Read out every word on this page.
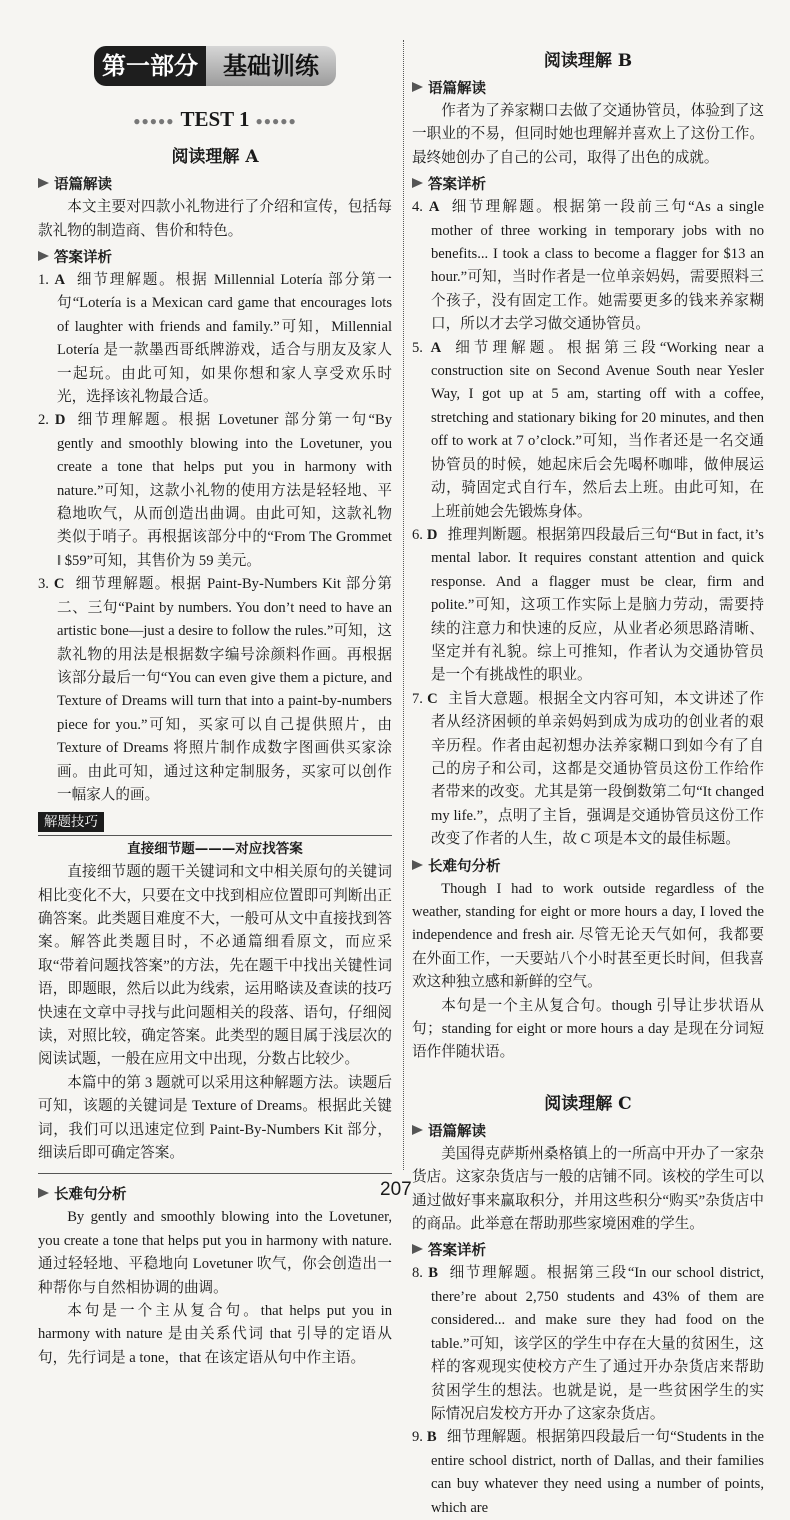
第一部分	基础训练
●●●●● TEST 1 ●●●●●
阅读理解 A
语篇解读

本文主要对四款小礼物进行了介绍和宣传，包括每款礼物的制造商、售价和特色。

答案详析
1. A 细节理解题。根据 Millennial Lotería 部分第一句“Lotería is a Mexican card game that encourages lots of laughter with friends and family.”可知，Millennial Lotería 是一款墨西哥纸牌游戏，适合与朋友及家人一起玩。由此可知，如果你想和家人享受欢乐时光，选择该礼物最合适。
2. D 细节理解题。根据 Lovetuner 部分第一句“By gently and smoothly blowing into the Lovetuner, you create a tone that helps put you in harmony with nature.”可知，这款小礼物的使用方法是轻轻地、平稳地吹气，从而创造出曲调。由此可知，这款礼物类似于哨子。再根据该部分中的“From The Grommet ‖ $59”可知，其售价为 59 美元。
3. C 细节理解题。根据 Paint-By-Numbers Kit 部分第二、三句“Paint by numbers. You don’t need to have an artistic bone—just a desire to follow the rules.”可知，这款礼物的用法是根据数字编号涂颜料作画。再根据该部分最后一句“You can even give them a picture, and Texture of Dreams will turn that into a paint-by-numbers piece for you.”可知，买家可以自己提供照片，由 Texture of Dreams 将照片制作成数字图画供买家涂画。由此可知，通过这种定制服务，买家可以创作一幅家人的画。
解题技巧
直接细节题———对应找答案

直接细节题的题干关键词和文中相关原句的关键词相比变化不大，只要在文中找到相应位置即可判断出正确答案。此类题目难度不大，一般可从文中直接找到答案。解答此类题目时，不必通篇细看原文，而应采取“带着问题找答案”的方法，先在题干中找出关键性词语，即题眼，然后以此为线索，运用略读及查读的技巧快速在文章中寻找与此问题相关的段落、语句，仔细阅读，对照比较，确定答案。此类型的题目属于浅层次的阅读试题，一般在应用文中出现，分数占比较少。

本篇中的第 3 题就可以采用这种解题方法。读题后可知，该题的关键词是 Texture of Dreams。根据此关键词，我们可以迅速定位到 Paint-By-Numbers Kit 部分，细读后即可确定答案。

长难句分析

By gently and smoothly blowing into the Lovetuner, you create a tone that helps put you in harmony with nature. 通过轻轻地、平稳地向 Lovetuner 吹气，你会创造出一种帮你与自然相协调的曲调。

本句是一个主从复合句。that helps put you in harmony with nature 是由关系代词 that 引导的定语从句，先行词是 a tone，that 在该定语从句中作主语。

阅读理解 B
语篇解读

作者为了养家糊口去做了交通协管员，体验到了这一职业的不易，但同时她也理解并喜欢上了这份工作。最终她创办了自己的公司，取得了出色的成就。

答案详析
4. A 细节理解题。根据第一段前三句“As a single mother of three working in temporary jobs with no benefits... I took a class to become a flagger for $13 an hour.”可知，当时作者是一位单亲妈妈，需要照料三个孩子，没有固定工作。她需要更多的钱来养家糊口，所以才去学习做交通协管员。
5. A 细节理解题。根据第三段“Working near a construction site on Second Avenue South near Yesler Way, I got up at 5 am, starting off with a coffee, stretching and stationary biking for 20 minutes, and then off to work at 7 o’clock.”可知，当作者还是一名交通协管员的时候，她起床后会先喝杯咖啡，做伸展运动，骑固定式自行车，然后去上班。由此可知，在上班前她会先锻炼身体。
6. D 推理判断题。根据第四段最后三句“But in fact, it’s mental labor. It requires constant attention and quick response. And a flagger must be clear, firm and polite.”可知，这项工作实际上是脑力劳动，需要持续的注意力和快速的反应，从业者必须思路清晰、坚定并有礼貌。综上可推知，作者认为交通协管员是一个有挑战性的职业。
7. C 主旨大意题。根据全文内容可知，本文讲述了作者从经济困顿的单亲妈妈到成为成功的创业者的艰辛历程。作者由起初想办法养家糊口到如今有了自己的房子和公司，这都是交通协管员这份工作给作者带来的改变。尤其是第一段倒数第二句“It changed my life.”，点明了主旨，强调是交通协管员这份工作改变了作者的人生，故 C 项是本文的最佳标题。
长难句分析

Though I had to work outside regardless of the weather, standing for eight or more hours a day, I loved the independence and fresh air. 尽管无论天气如何，我都要在外面工作，一天要站八个小时甚至更长时间，但我喜欢这种独立感和新鲜的空气。

本句是一个主从复合句。though 引导让步状语从句；standing for eight or more hours a day 是现在分词短语作伴随状语。

阅读理解 C
语篇解读

美国得克萨斯州桑格镇上的一所高中开办了一家杂货店。这家杂货店与一般的店铺不同。该校的学生可以通过做好事来赢取积分，并用这些积分“购买”杂货店中的商品。此举意在帮助那些家境困难的学生。

答案详析
8. B 细节理解题。根据第三段“In our school district, there’re about 2,750 students and 43% of them are considered... and make sure they had food on the table.”可知，该学区的学生中存在大量的贫困生，这样的客观现实使校方产生了通过开办杂货店来帮助贫困学生的想法。也就是说，是一些贫困学生的实际情况启发校方开办了这家杂货店。
9. B 细节理解题。根据第四段最后一句“Students in the entire school district, north of Dallas, and their families can buy whatever they need using a number of points, which are
207
